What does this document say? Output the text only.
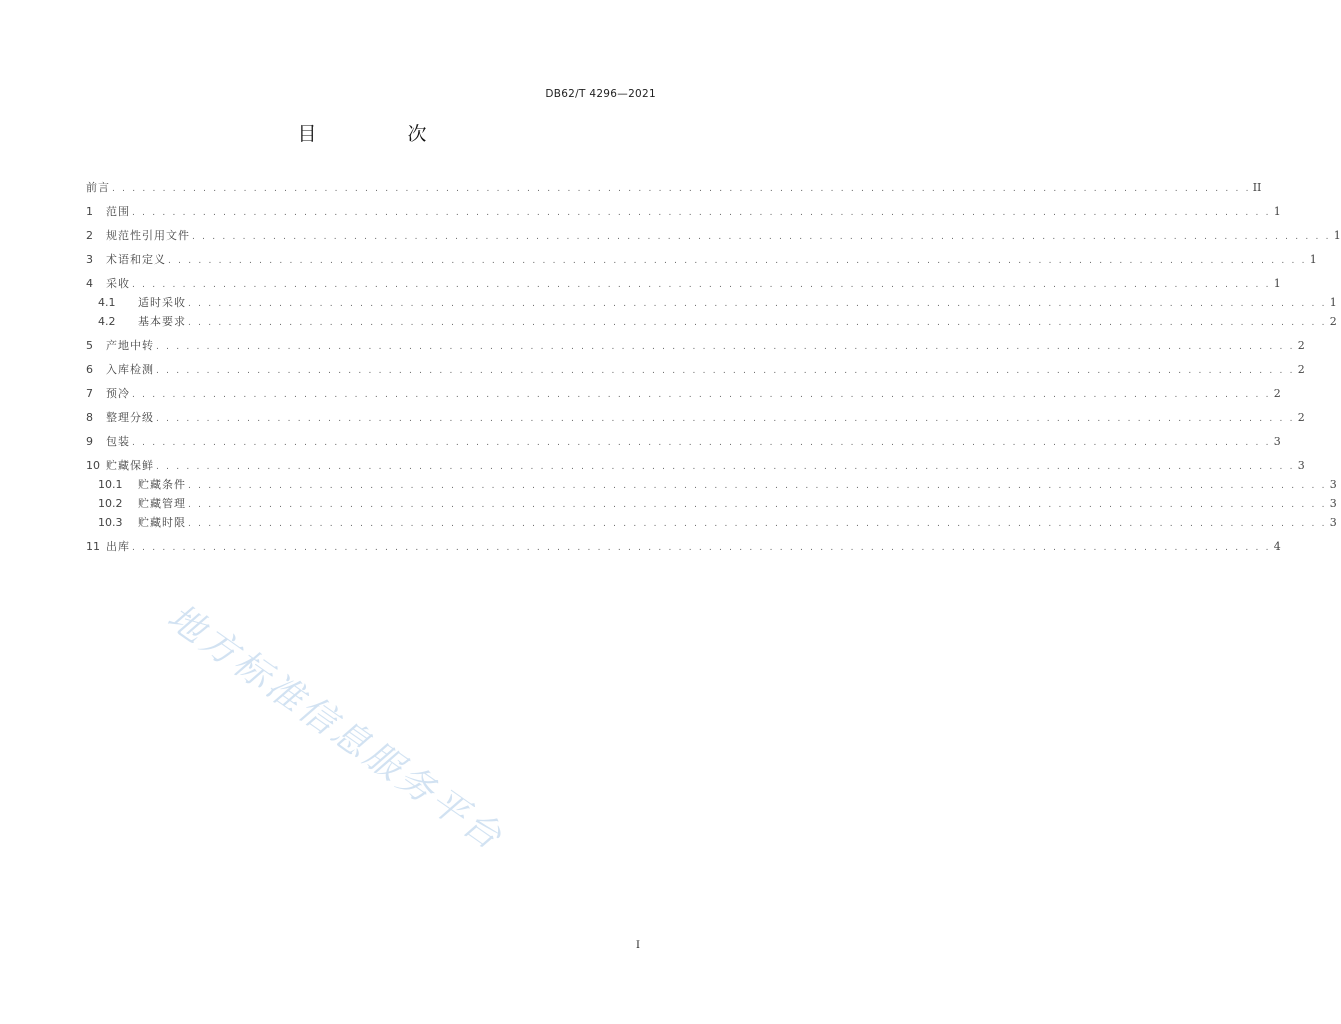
DB62/T 4296—2021
目　次
前言 . . . . . . . . . . . . . . . . . . . . . . . . . . . . . . . . . . . . . . . . . . . . . . . . . . . . . . . . . . . . . . . . . . . . . . . . . . . . . . . . . . . . . . . . . . . . . . . . . . . . . . . . . . . . . . . . . II
1	范围 . . . . . . . . . . . . . . . . . . . . . . . . . . . . . . . . . . . . . . . . . . . . . . . . . . . . . . . . . . . . . . . . . . . . . . . . . . . . . . . . . . . . . . . . . . . . . . . . . . . . . . . . . . . . . . . . . 1
2	规范性引用文件 . . . . . . . . . . . . . . . . . . . . . . . . . . . . . . . . . . . . . . . . . . . . . . . . . . . . . . . . . . . . . . . . . . . . . . . . . . . . . . . . . . . . . . . . . . . . . . . . . . . . . . . . . . . . . . . . . 1
3	术语和定义 . . . . . . . . . . . . . . . . . . . . . . . . . . . . . . . . . . . . . . . . . . . . . . . . . . . . . . . . . . . . . . . . . . . . . . . . . . . . . . . . . . . . . . . . . . . . . . . . . . . . . . . . . . . . . . . . . 1
4	采收 . . . . . . . . . . . . . . . . . . . . . . . . . . . . . . . . . . . . . . . . . . . . . . . . . . . . . . . . . . . . . . . . . . . . . . . . . . . . . . . . . . . . . . . . . . . . . . . . . . . . . . . . . . . . . . . . . 1
4.1	适时采收 . . . . . . . . . . . . . . . . . . . . . . . . . . . . . . . . . . . . . . . . . . . . . . . . . . . . . . . . . . . . . . . . . . . . . . . . . . . . . . . . . . . . . . . . . . . . . . . . . . . . . . . . . . . . . . . . . 1
4.2	基本要求 . . . . . . . . . . . . . . . . . . . . . . . . . . . . . . . . . . . . . . . . . . . . . . . . . . . . . . . . . . . . . . . . . . . . . . . . . . . . . . . . . . . . . . . . . . . . . . . . . . . . . . . . . . . . . . . . . 2
5	产地中转 . . . . . . . . . . . . . . . . . . . . . . . . . . . . . . . . . . . . . . . . . . . . . . . . . . . . . . . . . . . . . . . . . . . . . . . . . . . . . . . . . . . . . . . . . . . . . . . . . . . . . . . . . . . . . . . . . 2
6	入库检测 . . . . . . . . . . . . . . . . . . . . . . . . . . . . . . . . . . . . . . . . . . . . . . . . . . . . . . . . . . . . . . . . . . . . . . . . . . . . . . . . . . . . . . . . . . . . . . . . . . . . . . . . . . . . . . . . . 2
7	预冷 . . . . . . . . . . . . . . . . . . . . . . . . . . . . . . . . . . . . . . . . . . . . . . . . . . . . . . . . . . . . . . . . . . . . . . . . . . . . . . . . . . . . . . . . . . . . . . . . . . . . . . . . . . . . . . . . . 2
8	整理分级 . . . . . . . . . . . . . . . . . . . . . . . . . . . . . . . . . . . . . . . . . . . . . . . . . . . . . . . . . . . . . . . . . . . . . . . . . . . . . . . . . . . . . . . . . . . . . . . . . . . . . . . . . . . . . . . . . 2
9	包装 . . . . . . . . . . . . . . . . . . . . . . . . . . . . . . . . . . . . . . . . . . . . . . . . . . . . . . . . . . . . . . . . . . . . . . . . . . . . . . . . . . . . . . . . . . . . . . . . . . . . . . . . . . . . . . . . . 3
10 贮藏保鲜 . . . . . . . . . . . . . . . . . . . . . . . . . . . . . . . . . . . . . . . . . . . . . . . . . . . . . . . . . . . . . . . . . . . . . . . . . . . . . . . . . . . . . . . . . . . . . . . . . . . . . . . . . . . . . . . . . 3
10.1	贮藏条件 . . . . . . . . . . . . . . . . . . . . . . . . . . . . . . . . . . . . . . . . . . . . . . . . . . . . . . . . . . . . . . . . . . . . . . . . . . . . . . . . . . . . . . . . . . . . . . . . . . . . . . . . . . . . . . . . . 3
10.2	贮藏管理 . . . . . . . . . . . . . . . . . . . . . . . . . . . . . . . . . . . . . . . . . . . . . . . . . . . . . . . . . . . . . . . . . . . . . . . . . . . . . . . . . . . . . . . . . . . . . . . . . . . . . . . . . . . . . . . . . 3
10.3	贮藏时限 . . . . . . . . . . . . . . . . . . . . . . . . . . . . . . . . . . . . . . . . . . . . . . . . . . . . . . . . . . . . . . . . . . . . . . . . . . . . . . . . . . . . . . . . . . . . . . . . . . . . . . . . . . . . . . . . . 3
11 出库 . . . . . . . . . . . . . . . . . . . . . . . . . . . . . . . . . . . . . . . . . . . . . . . . . . . . . . . . . . . . . . . . . . . . . . . . . . . . . . . . . . . . . . . . . . . . . . . . . . . . . . . . . . . . . . . . . 4
地方标准信息服务平台
I
